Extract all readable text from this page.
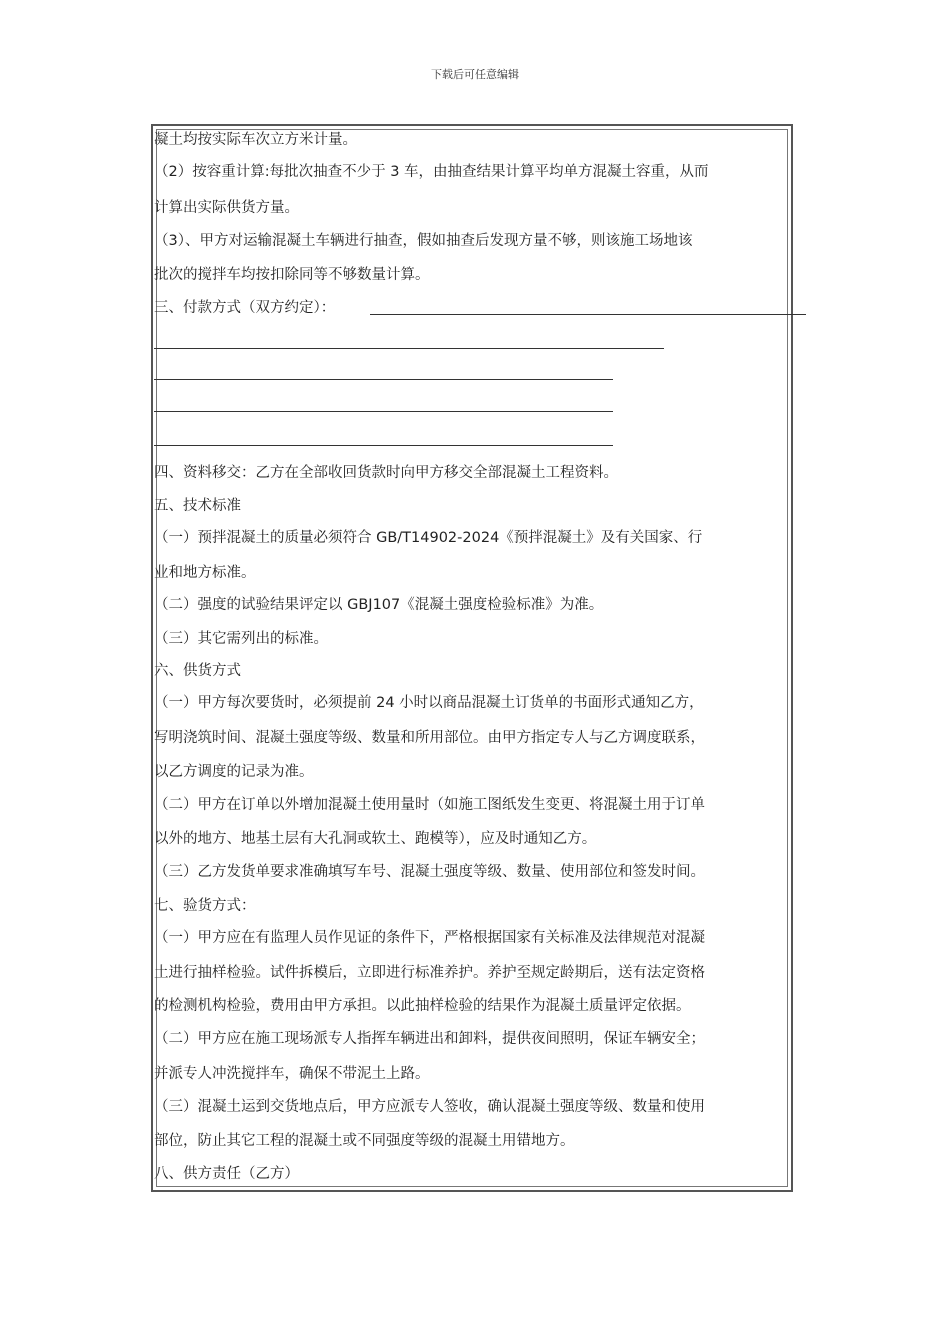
下载后可任意编辑
凝土均按实际车次立方米计量。
（2）按容重计算:每批次抽查不少于 3 车，由抽查结果计算平均单方混凝土容重，从而
计算出实际供货方量。
（3）、甲方对运输混凝土车辆进行抽查，假如抽查后发现方量不够，则该施工场地该
批次的搅拌车均按扣除同等不够数量计算。
三、付款方式（双方约定）：
四、资料移交：乙方在全部收回货款时向甲方移交全部混凝土工程资料。
五、技术标准
（一）预拌混凝土的质量必须符合 GB/T14902-2024《预拌混凝土》及有关国家、行
业和地方标准。
（二）强度的试验结果评定以 GBJ107《混凝土强度检验标准》为准。
（三）其它需列出的标准。
六、供货方式
（一）甲方每次要货时，必须提前 24 小时以商品混凝土订货单的书面形式通知乙方，
写明浇筑时间、混凝土强度等级、数量和所用部位。由甲方指定专人与乙方调度联系，
以乙方调度的记录为准。
（二）甲方在订单以外增加混凝土使用量时（如施工图纸发生变更、将混凝土用于订单
以外的地方、地基土层有大孔洞或软土、跑模等），应及时通知乙方。
（三）乙方发货单要求准确填写车号、混凝土强度等级、数量、使用部位和签发时间。
七、验货方式：
（一）甲方应在有监理人员作见证的条件下，严格根据国家有关标准及法律规范对混凝
土进行抽样检验。试件拆模后，立即进行标准养护。养护至规定龄期后，送有法定资格
的检测机构检验，费用由甲方承担。以此抽样检验的结果作为混凝土质量评定依据。
（二）甲方应在施工现场派专人指挥车辆进出和卸料，提供夜间照明，保证车辆安全；
并派专人冲洗搅拌车，确保不带泥土上路。
（三）混凝土运到交货地点后，甲方应派专人签收，确认混凝土强度等级、数量和使用
部位，防止其它工程的混凝土或不同强度等级的混凝土用错地方。
八、供方责任（乙方）
